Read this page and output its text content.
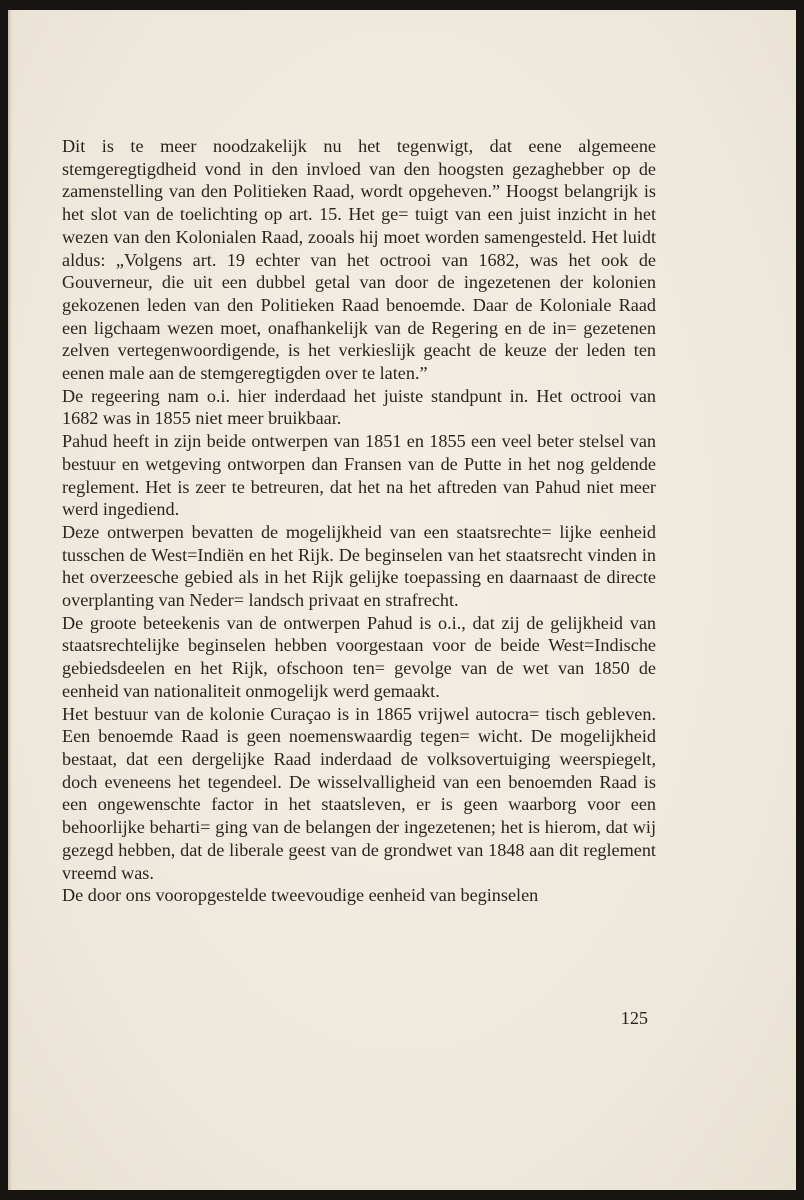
Dit is te meer noodzakelijk nu het tegenwigt, dat eene algemeene stemgeregtigdheid vond in den invloed van den hoogsten gezaghebber op de zamenstelling van den Politieken Raad, wordt opgeheven.” Hoogst belangrijk is het slot van de toelichting op art. 15. Het ge= tuigt van een juist inzicht in het wezen van den Kolonialen Raad, zooals hij moet worden samengesteld. Het luidt aldus: „Volgens art. 19 echter van het octrooi van 1682, was het ook de Gouverneur, die uit een dubbel getal van door de ingezetenen der kolonien gekozenen leden van den Politieken Raad benoemde. Daar de Koloniale Raad een ligchaam wezen moet, onafhankelijk van de Regering en de in= gezetenen zelven vertegenwoordigende, is het verkieslijk geacht de keuze der leden ten eenen male aan de stemgeregtigden over te laten.”

De regeering nam o.i. hier inderdaad het juiste standpunt in. Het octrooi van 1682 was in 1855 niet meer bruikbaar.

Pahud heeft in zijn beide ontwerpen van 1851 en 1855 een veel beter stelsel van bestuur en wetgeving ontworpen dan Fransen van de Putte in het nog geldende reglement. Het is zeer te betreuren, dat het na het aftreden van Pahud niet meer werd ingediend.

Deze ontwerpen bevatten de mogelijkheid van een staatsrechte= lijke eenheid tusschen de West=Indiën en het Rijk. De beginselen van het staatsrecht vinden in het overzeesche gebied als in het Rijk gelijke toepassing en daarnaast de directe overplanting van Neder= landsch privaat en strafrecht.

De groote beteekenis van de ontwerpen Pahud is o.i., dat zij de gelijkheid van staatsrechtelijke beginselen hebben voorgestaan voor de beide West=Indische gebiedsdeelen en het Rijk, ofschoon ten= gevolge van de wet van 1850 de eenheid van nationaliteit onmogelijk werd gemaakt.

Het bestuur van de kolonie Curaçao is in 1865 vrijwel autocra= tisch gebleven. Een benoemde Raad is geen noemenswaardig tegen= wicht. De mogelijkheid bestaat, dat een dergelijke Raad inderdaad de volksovertuiging weerspiegelt, doch eveneens het tegendeel. De wisselvalligheid van een benoemden Raad is een ongewenschte factor in het staatsleven, er is geen waarborg voor een behoorlijke beharti= ging van de belangen der ingezetenen; het is hierom, dat wij gezegd hebben, dat de liberale geest van de grondwet van 1848 aan dit reglement vreemd was.

De door ons vooropgestelde tweevoudige eenheid van beginselen

125
